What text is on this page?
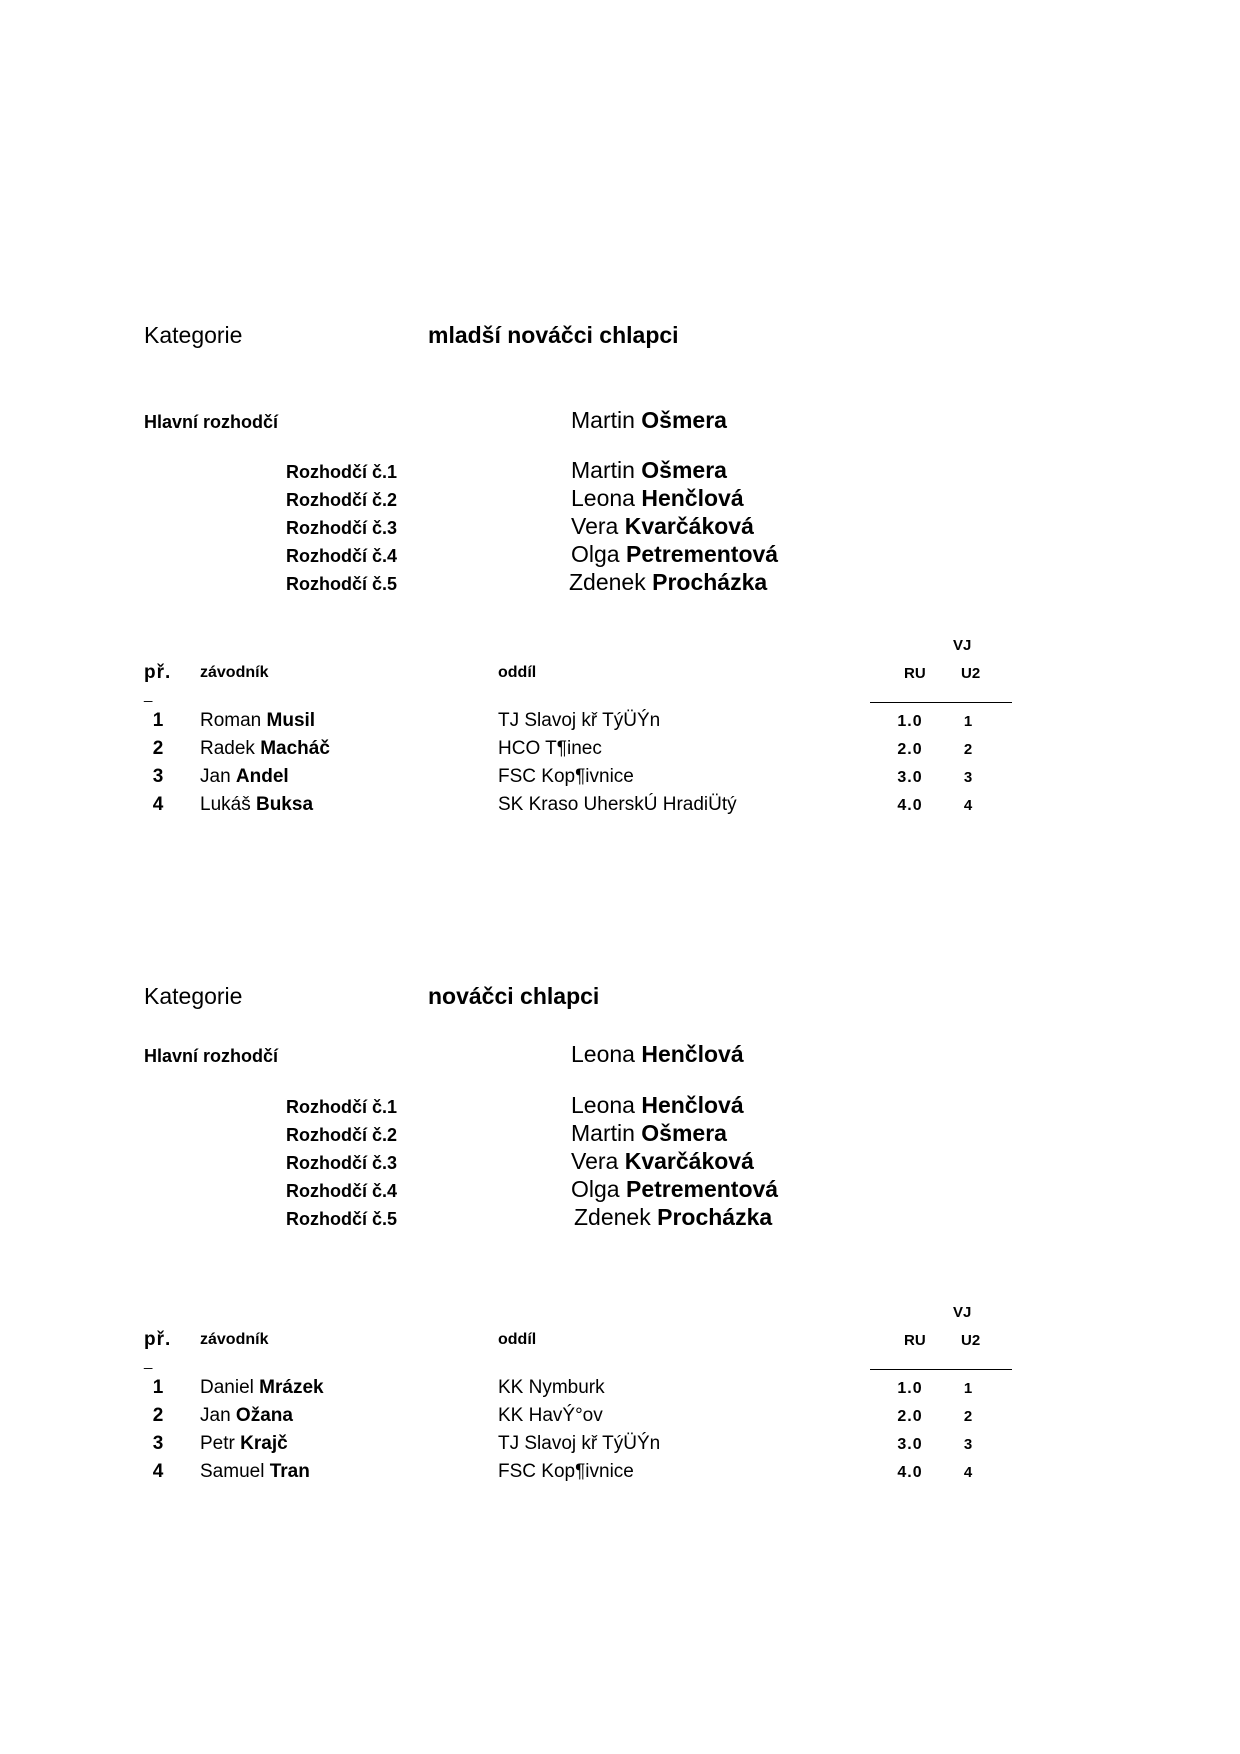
Kategorie	mladší nováčci chlapci
Hlavní rozhodčí	Martin Ošmera
Rozhodčí č.1	Martin Ošmera
Rozhodčí č.2	Leona Henčlová
Rozhodčí č.3	Vera Kvarčáková
Rozhodčí č.4	Olga Petrementová
Rozhodčí č.5	Zdenek Procházka
VJ
př. závodník	oddíl	RU U2
_
1 Roman Musil	TJ Slavoj kř TýÜÝn	1.0	1
2 Radek Macháč	HCO T¶inec	2.0	2
3 Jan Andel	FSC Kop¶ivnice	3.0	3
4 Lukáš Buksa	SK Kraso UherskÚ HradiÜtý	4.0	4
Kategorie	nováčci chlapci
Hlavní rozhodčí	Leona Henčlová
Rozhodčí č.1	Leona Henčlová
Rozhodčí č.2	Martin Ošmera
Rozhodčí č.3	Vera Kvarčáková
Rozhodčí č.4	Olga Petrementová
Rozhodčí č.5	Zdenek Procházka
VJ
př. závodník	oddíl	RU U2
_
1 Daniel Mrázek	KK Nymburk	1.0	1
2 Jan Ožana	KK HavÝ°ov	2.0	2
3 Petr Krajč	TJ Slavoj kř TýÜÝn	3.0	3
4 Samuel Tran	FSC Kop¶ivnice	4.0	4
